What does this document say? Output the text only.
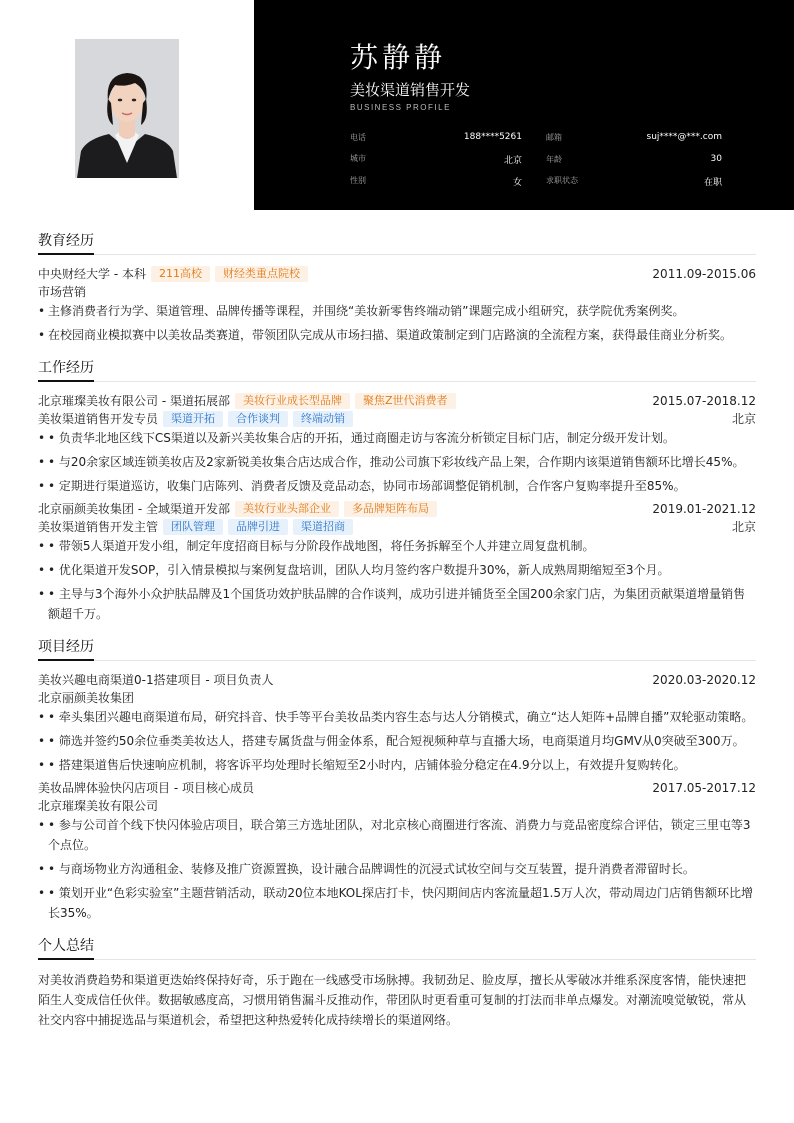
苏静静
美妆渠道销售开发
BUSINESS PROFILE
电话	188****5261	邮箱	suj****@***.com
城市	北京	年龄	30
性别	女	求职状态	在职
教育经历
中央财经大学 - 本科	211高校	财经类重点院校	2011.09-2015.06
市场营销
• 主修消费者行为学、渠道管理、品牌传播等课程，并围绕“美妆新零售终端动销”课题完成小组研究，获学院优秀案例奖。
• 在校园商业模拟赛中以美妆品类赛道，带领团队完成从市场扫描、渠道政策制定到门店路演的全流程方案，获得最佳商业分析奖。
工作经历
北京璀璨美妆有限公司 - 渠道拓展部	美妆行业成长型品牌	聚焦Z世代消费者	2015.07-2018.12
美妆渠道销售开发专员	渠道开拓	合作谈判	终端动销	北京
• • 负责华北地区线下CS渠道以及新兴美妆集合店的开拓，通过商圈走访与客流分析锁定目标门店，制定分级开发计划。
• • 与20余家区域连锁美妆店及2家新锐美妆集合店达成合作，推动公司旗下彩妆线产品上架，合作期内该渠道销售额环比增长45%。
• • 定期进行渠道巡访，收集门店陈列、消费者反馈及竞品动态，协同市场部调整促销机制，合作客户复购率提升至85%。
北京丽颜美妆集团 - 全域渠道开发部	美妆行业头部企业	多品牌矩阵布局	2019.01-2021.12
美妆渠道销售开发主管	团队管理	品牌引进	渠道招商	北京
• • 带领5人渠道开发小组，制定年度招商目标与分阶段作战地图，将任务拆解至个人并建立周复盘机制。
• • 优化渠道开发SOP，引入情景模拟与案例复盘培训，团队人均月签约客户数提升30%，新人成熟周期缩短至3个月。
• • 主导与3个海外小众护肤品牌及1个国货功效护肤品牌的合作谈判，成功引进并铺货至全国200余家门店，为集团贡献渠道增量销售额超千万。
项目经历
美妆兴趣电商渠道0-1搭建项目 - 项目负责人	2020.03-2020.12
北京丽颜美妆集团
• • 牵头集团兴趣电商渠道布局，研究抖音、快手等平台美妆品类内容生态与达人分销模式，确立“达人矩阵+品牌自播”双轮驱动策略。
• • 筛选并签约50余位垂类美妆达人，搭建专属货盘与佣金体系，配合短视频种草与直播大场，电商渠道月均GMV从0突破至300万。
• • 搭建渠道售后快速响应机制，将客诉平均处理时长缩短至2小时内，店铺体验分稳定在4.9分以上，有效提升复购转化。
美妆品牌体验快闪店项目 - 项目核心成员	2017.05-2017.12
北京璀璨美妆有限公司
• • 参与公司首个线下快闪体验店项目，联合第三方选址团队，对北京核心商圈进行客流、消费力与竞品密度综合评估，锁定三里屯等3个点位。
• • 与商场物业方沟通租金、装修及推广资源置换，设计融合品牌调性的沉浸式试妆空间与交互装置，提升消费者滞留时长。
• • 策划开业“色彩实验室”主题营销活动，联动20位本地KOL探店打卡，快闪期间店内客流量超1.5万人次，带动周边门店销售额环比增长35%。
个人总结
对美妆消费趋势和渠道更迭始终保持好奇，乐于跑在一线感受市场脉搏。我韧劲足、脸皮厚，擅长从零破冰并维系深度客情，能快速把陌生人变成信任伙伴。数据敏感度高，习惯用销售漏斗反推动作，带团队时更看重可复制的打法而非单点爆发。对潮流嗅觉敏锐，常从社交内容中捕捉选品与渠道机会，希望把这种热爱转化成持续增长的渠道网络。
